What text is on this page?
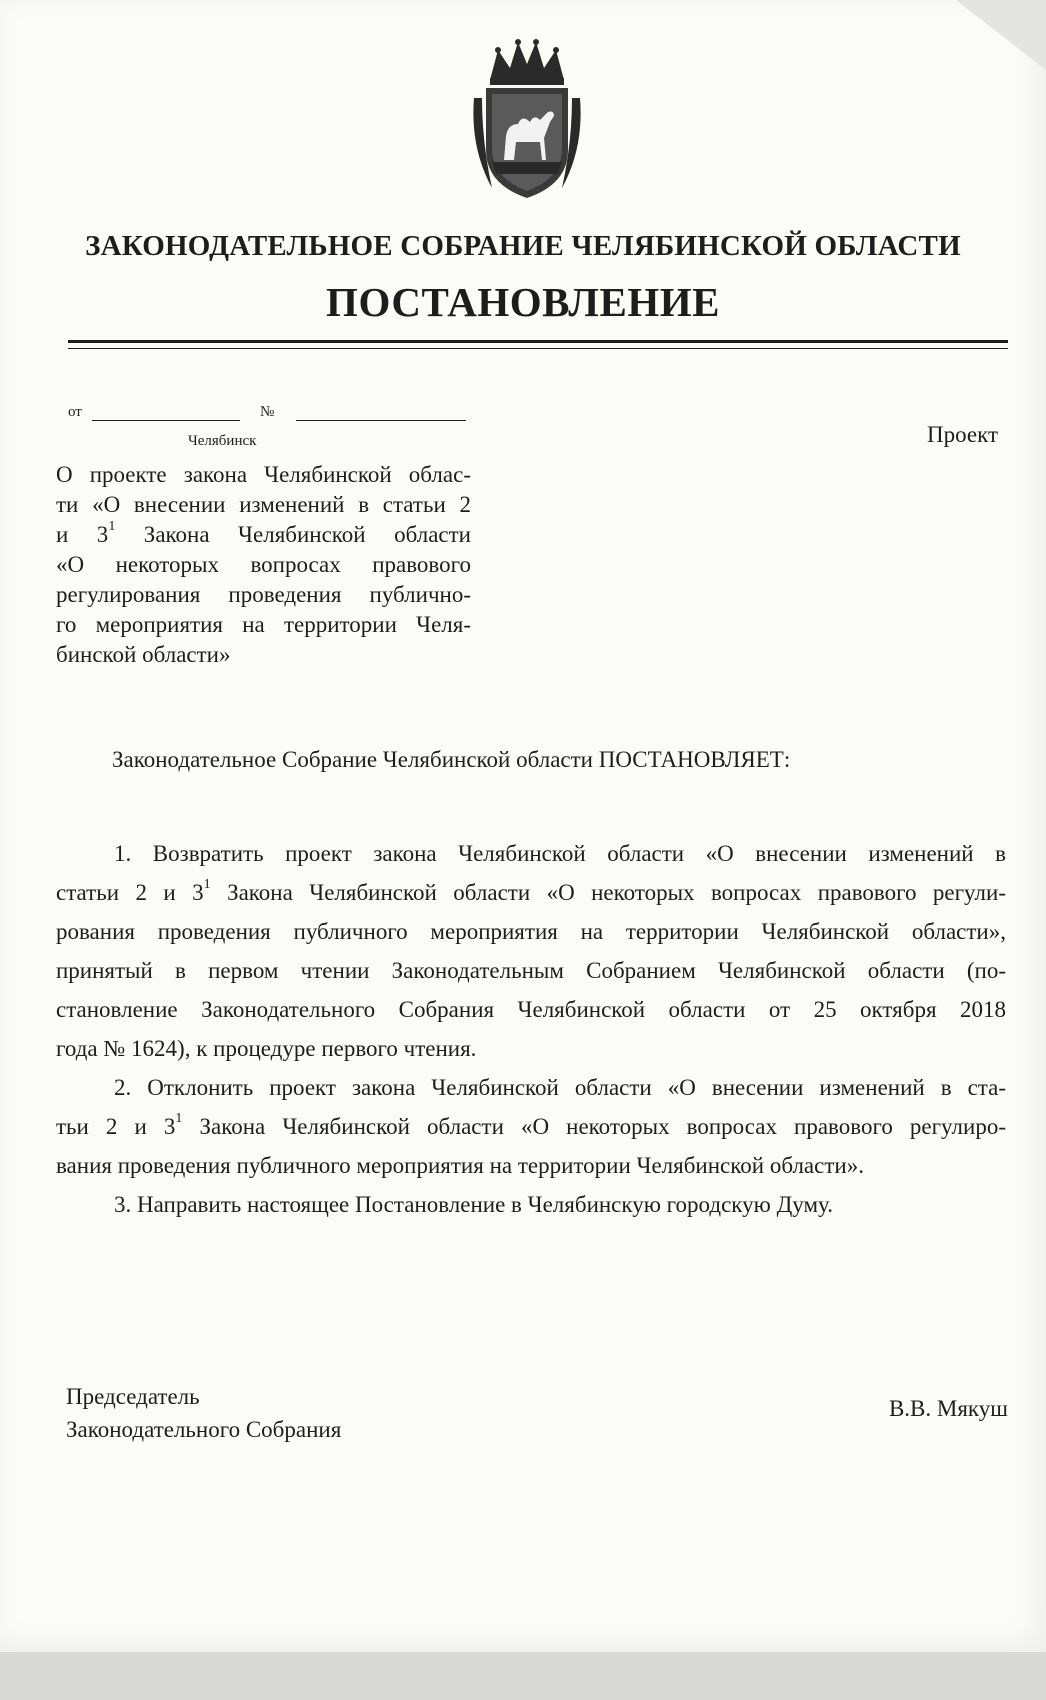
ЗАКОНОДАТЕЛЬНОЕ СОБРАНИЕ ЧЕЛЯБИНСКОЙ ОБЛАСТИ
ПОСТАНОВЛЕНИЕ
от	№
Челябинск	Проект
О проекте закона Челябинской облас-
ти «О внесении изменений в статьи 2
и $3^1$ Закона Челябинской области
«О некоторых вопросах правового
регулирования проведения публично-
го мероприятия на территории Челя-
бинской области»
Законодательное Собрание Челябинской области ПОСТАНОВЛЯЕТ:
1. Возвратить проект закона Челябинской области «О внесении изменений в
статьи 2 и $3^1$ Закона Челябинской области «О некоторых вопросах правового регули-
рования проведения публичного мероприятия на территории Челябинской области»,
принятый в первом чтении Законодательным Собранием Челябинской области (по-
становление Законодательного Собрания Челябинской области от 25 октября 2018
года № 1624), к процедуре первого чтения.
2. Отклонить проект закона Челябинской области «О внесении изменений в ста-
тьи 2 и $3^1$ Закона Челябинской области «О некоторых вопросах правового регулиро-
вания проведения публичного мероприятия на территории Челябинской области».
3. Направить настоящее Постановление в Челябинскую городскую Думу.
Председатель
Законодательного Собрания
В.В. Мякуш
